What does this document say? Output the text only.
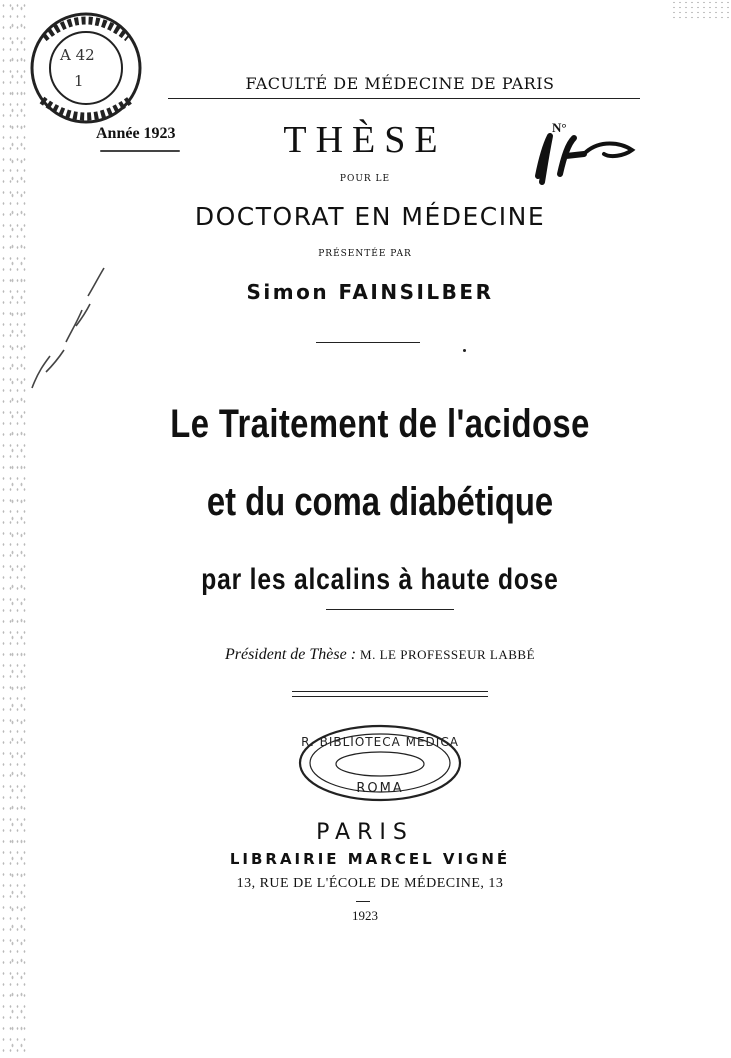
A 42
1	FACULTÉ DE MÉDECINE DE PARIS
Année 1923	THÈSE	N°
POUR LE
DOCTORAT EN MÉDECINE
PRÉSENTÉE PAR
Simon FAINSILBER
Le Traitement de l'acidose
et du coma diabétique
par les alcalins à haute dose
Président de Thèse : M. LE PROFESSEUR LABBÉ
R. BIBLIOTECA MEDICA
ROMA
PARIS
LIBRAIRIE MARCEL VIGNÉ
13, RUE DE L'ÉCOLE DE MÉDECINE, 13
1923
